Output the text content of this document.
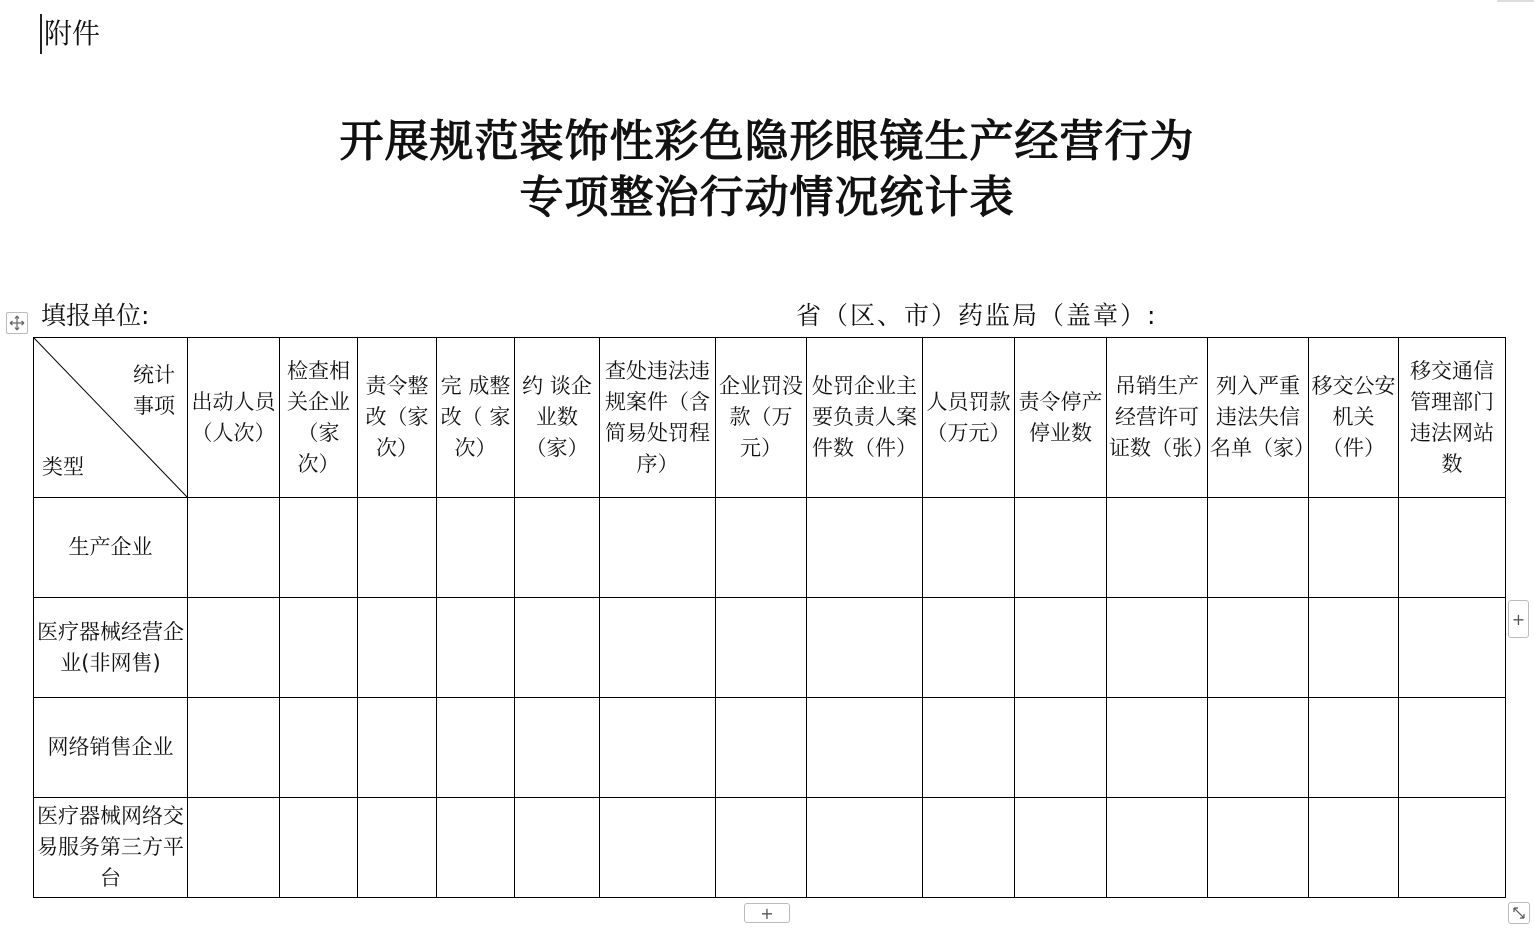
附件
开展规范装饰性彩色隐形眼镜生产经营行为
专项整治行动情况统计表
填报单位:	省（区、市）药监局（盖章）:
统计事项
类型	出动人员（人次）	检查相关企业（家次）	责令整改（家次）	完 成整 改（ 家次）	约 谈企 业数（家）	查处违法违规案件（含简易处罚程序）	企业罚没款（万元）	处罚企业主要负责人案件数（件）	人员罚款（万元）	责令停产停业数	吊销生产经营许可证数（张）	列入严重违法失信名单（家）	移交公安机关（件）	移交通信管理部门违法网站数
生产企业														
医疗器械经营企业(非网售)														
网络销售企业														
医疗器械网络交易服务第三方平台														
+
+
